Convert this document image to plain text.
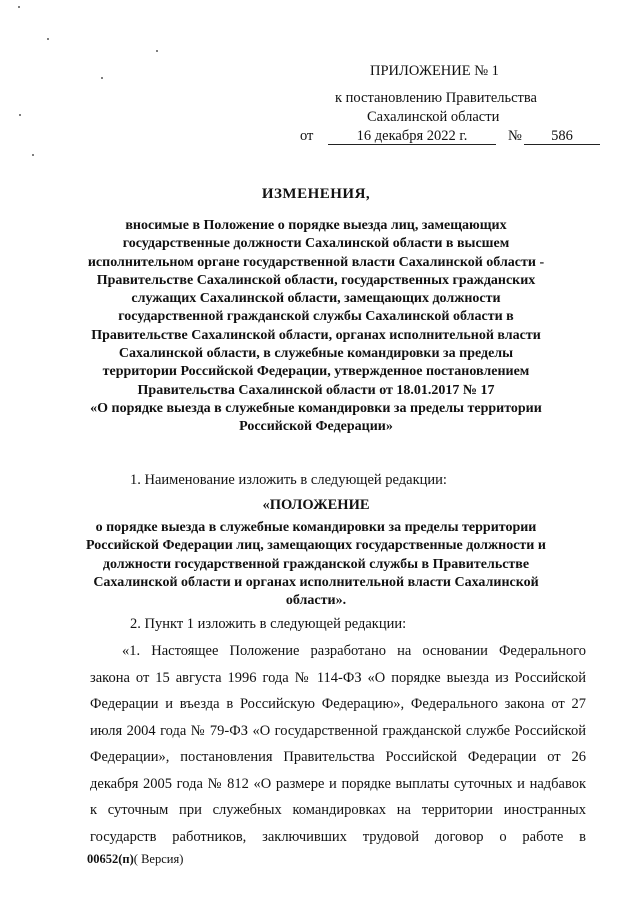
ПРИЛОЖЕНИЕ № 1
к постановлению Правительства
Сахалинской области
от	16 декабря 2022 г.	№	586
ИЗМЕНЕНИЯ,
вносимые в Положение о порядке выезда лиц, замещающих
государственные должности Сахалинской области в высшем
исполнительном органе государственной власти Сахалинской области -
Правительстве Сахалинской области, государственных гражданских
служащих Сахалинской области, замещающих должности
государственной гражданской службы Сахалинской области в
Правительстве Сахалинской области, органах исполнительной власти
Сахалинской области, в служебные командировки за пределы
территории Российской Федерации, утвержденное постановлением
Правительства Сахалинской области от 18.01.2017 № 17
«О порядке выезда в служебные командировки за пределы территории
Российской Федерации»
1. Наименование изложить в следующей редакции:
«ПОЛОЖЕНИЕ
о порядке выезда в служебные командировки за пределы территории
Российской Федерации лиц, замещающих государственные должности и
должности государственной гражданской службы в Правительстве
Сахалинской области и органах исполнительной власти Сахалинской
области».
2. Пункт 1 изложить в следующей редакции:
«1. Настоящее Положение разработано на основании Федерального
закона от 15 августа 1996 года № 114-ФЗ «О порядке выезда из Российской
Федерации и въезда в Российскую Федерацию», Федерального закона от 27
июля 2004 года № 79-ФЗ «О государственной гражданской службе Российской
Федерации», постановления Правительства Российской Федерации от 26
декабря 2005 года № 812 «О размере и порядке выплаты суточных и надбавок
к суточным при служебных командировках на территории иностранных
государств работников, заключивших трудовой договор о работе в
00652(п)( Версия)
